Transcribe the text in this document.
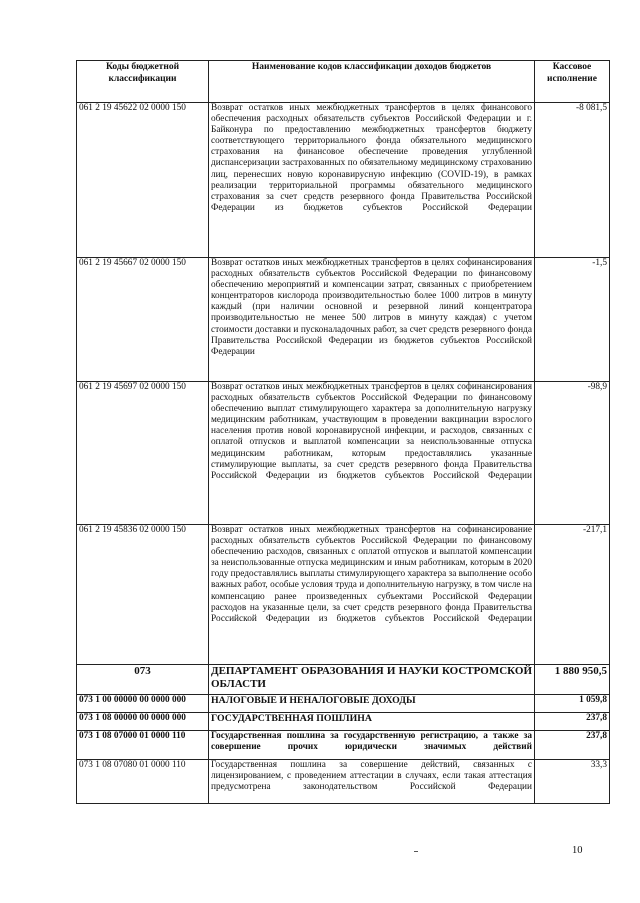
Коды бюджетной классификации	Наименование кодов классификации доходов бюджетов	Кассовое исполнение
061 2 19 45622 02 0000 150	Возврат остатков иных межбюджетных трансфертов в целях финансового обеспечения расходных обязательств субъектов Российской Федерации и г. Байконура по предоставлению межбюджетных трансфертов бюджету соответствующего территориального фонда обязательного медицинского страхования на финансовое обеспечение проведения углубленной диспансеризации застрахованных по обязательному медицинскому страхованию лиц, перенесших новую коронавирусную инфекцию (COVID-19), в рамках реализации территориальной программы обязательного медицинского страхования за счет средств резервного фонда Правительства Российской Федерации из бюджетов субъектов Российской Федерации	-8 081,5
061 2 19 45667 02 0000 150	Возврат остатков иных межбюджетных трансфертов в целях софинансирования расходных обязательств субъектов Российской Федерации по финансовому обеспечению мероприятий и компенсации затрат, связанных с приобретением концентраторов кислорода производительностью более 1000 литров в минуту каждый (при наличии основной и резервной линий концентратора производительностью не менее 500 литров в минуту каждая) с учетом стоимости доставки и пусконаладочных работ, за счет средств резервного фонда Правительства Российской Федерации из бюджетов субъектов Российской Федерации	-1,5
061 2 19 45697 02 0000 150	Возврат остатков иных межбюджетных трансфертов в целях софинансирования расходных обязательств субъектов Российской Федерации по финансовому обеспечению выплат стимулирующего характера за дополнительную нагрузку медицинским работникам, участвующим в проведении вакцинации взрослого населения против новой коронавирусной инфекции, и расходов, связанных с оплатой отпусков и выплатой компенсации за неиспользованные отпуска медицинским работникам, которым предоставлялись указанные стимулирующие выплаты, за счет средств резервного фонда Правительства Российской Федерации из бюджетов субъектов Российской Федерации	-98,9
061 2 19 45836 02 0000 150	Возврат остатков иных межбюджетных трансфертов на софинансирование расходных обязательств субъектов Российской Федерации по финансовому обеспечению расходов, связанных с оплатой отпусков и выплатой компенсации за неиспользованные отпуска медицинским и иным работникам, которым в 2020 году предоставлялись выплаты стимулирующего характера за выполнение особо важных работ, особые условия труда и дополнительную нагрузку, в том числе на компенсацию ранее произведенных субъектами Российской Федерации расходов на указанные цели, за счет средств резервного фонда Правительства Российской Федерации из бюджетов субъектов Российской Федерации	-217,1
073	ДЕПАРТАМЕНТ ОБРАЗОВАНИЯ И НАУКИ КОСТРОМСКОЙ ОБЛАСТИ	1 880 950,5
073 1 00 00000 00 0000 000	НАЛОГОВЫЕ И НЕНАЛОГОВЫЕ ДОХОДЫ	1 059,8
073 1 08 00000 00 0000 000	ГОСУДАРСТВЕННАЯ ПОШЛИНА	237,8
073 1 08 07000 01 0000 110	Государственная пошлина за государственную регистрацию, а также за совершение прочих юридически значимых действий	237,8
073 1 08 07080 01 0000 110	Государственная пошлина за совершение действий, связанных с лицензированием, с проведением аттестации в случаях, если такая аттестация предусмотрена законодательством Российской Федерации	33,3
10
